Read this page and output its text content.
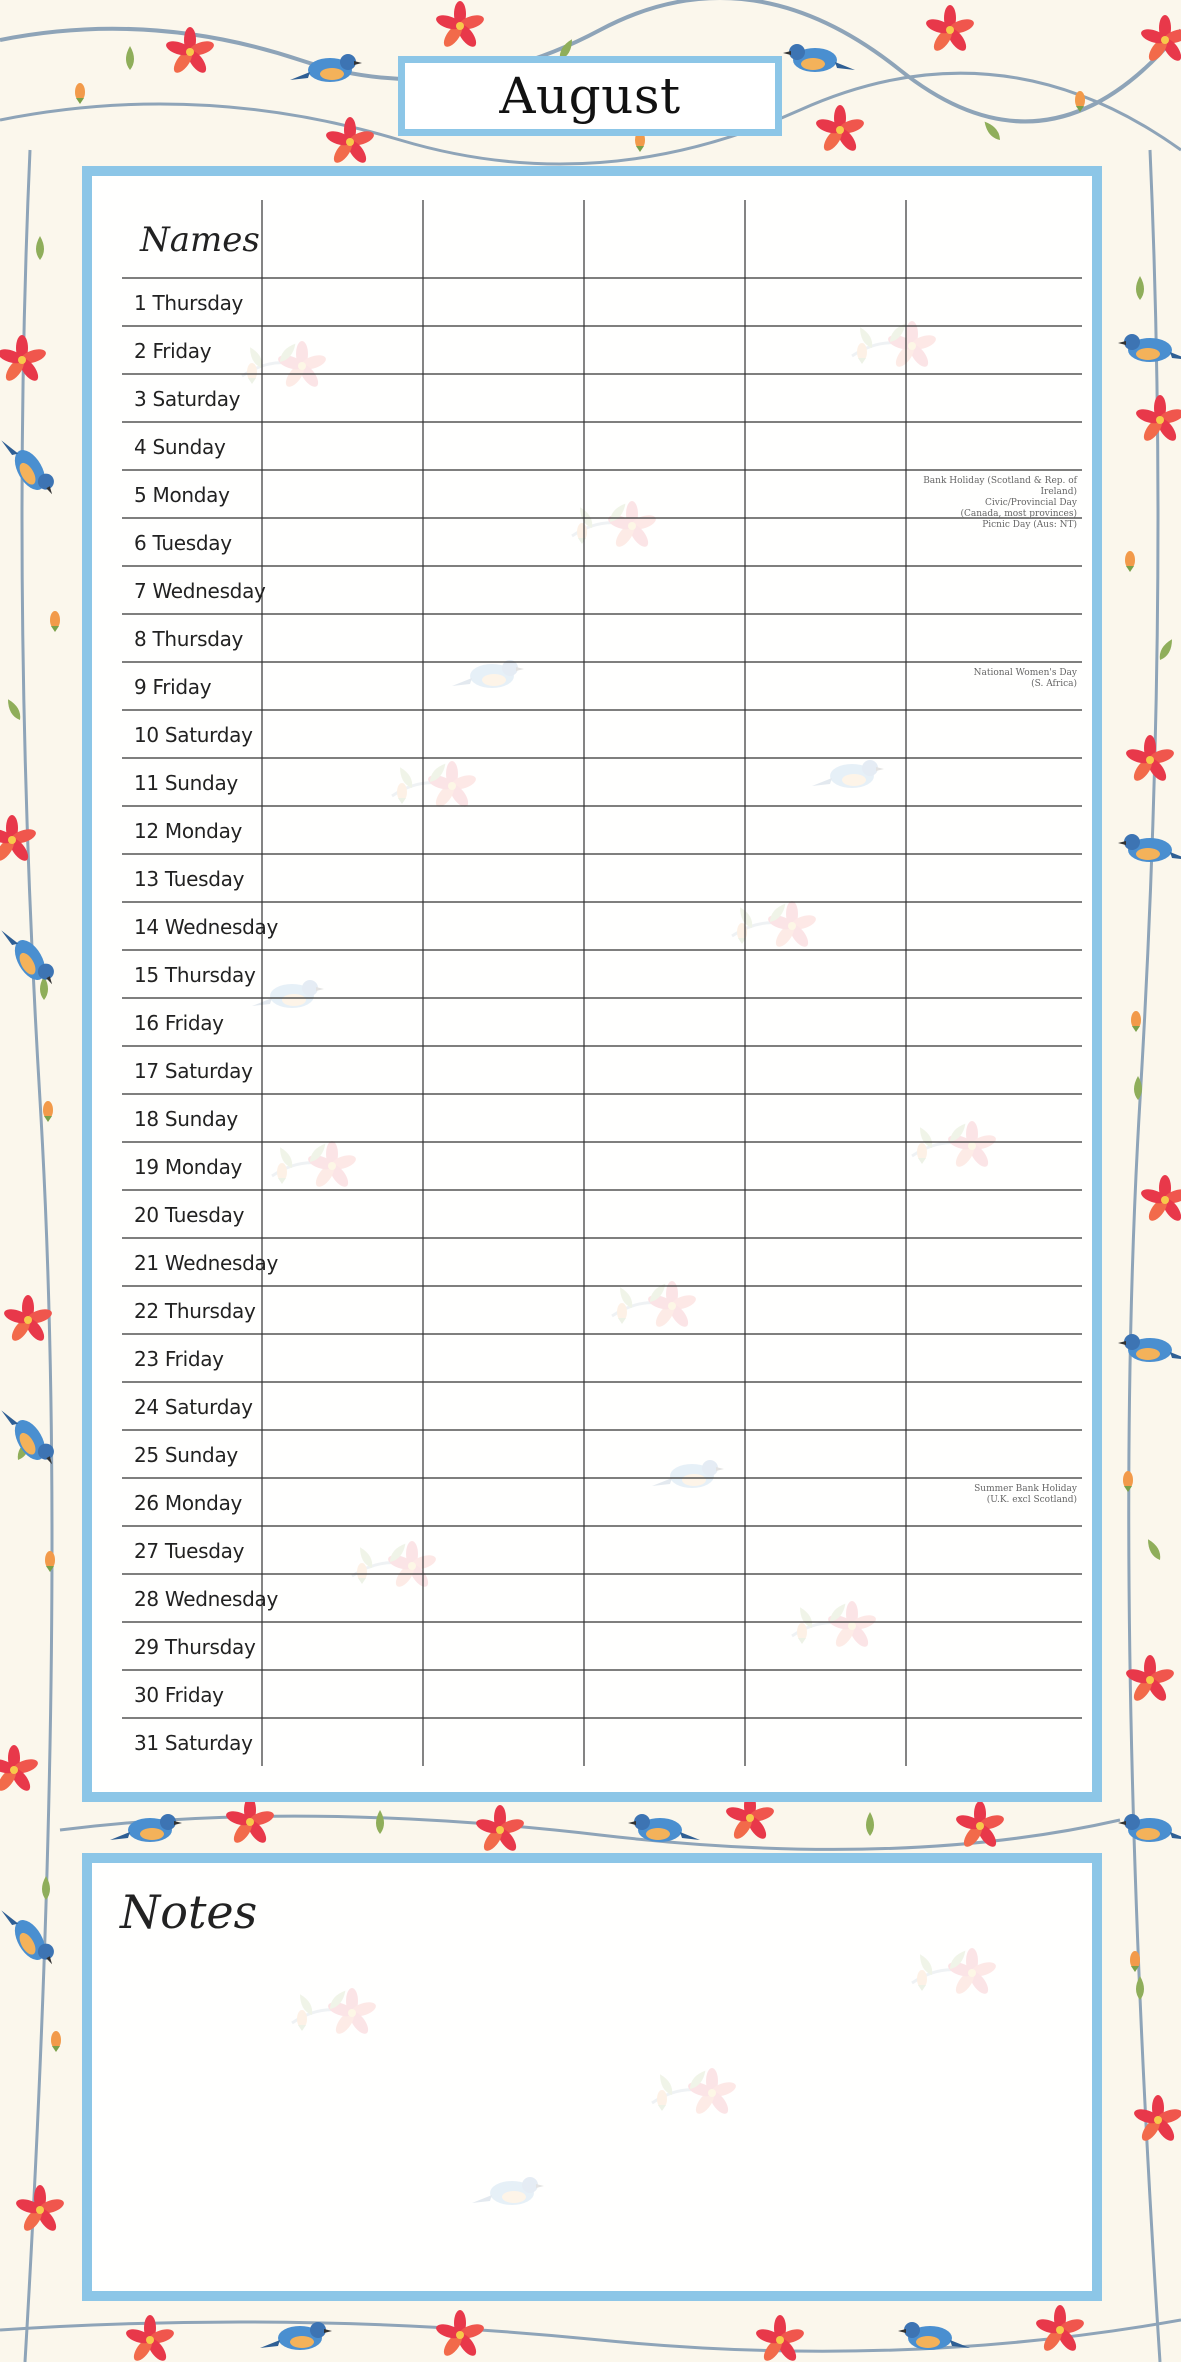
August
Names
1 Thursday
2 Friday
3 Saturday
4 Sunday
5 Monday
Bank Holiday (Scotland & Rep. of Ireland)
Civic/Provincial Day
(Canada, most provinces)
Picnic Day (Aus: NT)
6 Tuesday
7 Wednesday
8 Thursday
9 Friday
National Women's Day
(S. Africa)
10 Saturday
11 Sunday
12 Monday
13 Tuesday
14 Wednesday
15 Thursday
16 Friday
17 Saturday
18 Sunday
19 Monday
20 Tuesday
21 Wednesday
22 Thursday
23 Friday
24 Saturday
25 Sunday
26 Monday
Summer Bank Holiday
(U.K. excl Scotland)
27 Tuesday
28 Wednesday
29 Thursday
30 Friday
31 Saturday
Notes
